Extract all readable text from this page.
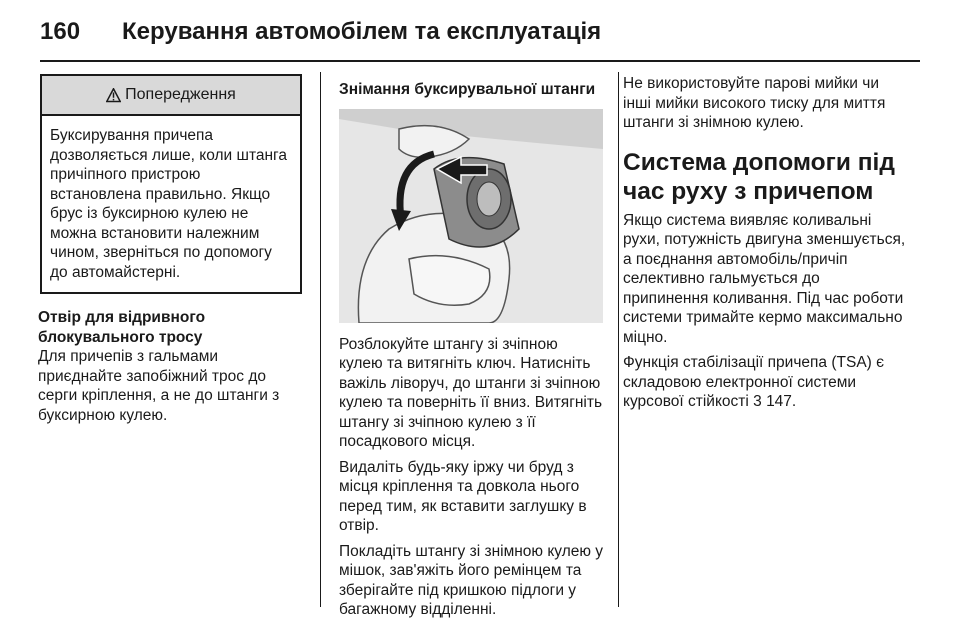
160 Керування автомобілем та експлуатація
Попередження
Буксирування причепа дозволяється лише, коли штанга причіпного пристрою встановлена правильно. Якщо брус із буксирною кулею не можна встановити належним чином, зверніться по допомогу до автомайстерні.

Отвір для відривного блокувального тросу

Для причепів з гальмами приєднайте запобіжний трос до серги кріплення, а не до штанги з буксирною кулею.

Знімання буксирувальної штанги

Розблокуйте штангу зі зчіпною кулею та витягніть ключ. Натисніть важіль ліворуч, до штанги зі зчіпною кулею та поверніть її вниз. Витягніть штангу зі зчіпною кулею з її посадкового місця.

Видаліть будь-яку іржу чи бруд з місця кріплення та довкола нього перед тим, як вставити заглушку в отвір.

Покладіть штангу зі знімною кулею у мішок, зав'яжіть його ремінцем та зберігайте під кришкою підлоги у багажному відділенні.

Не використовуйте парові мийки чи інші мийки високого тиску для миття штанги зі знімною кулею.

Система допомоги під час руху з причепом

Якщо система виявляє коливальні рухи, потужність двигуна зменшується, а поєднання автомобіль/причіп селективно гальмується до припинення коливання. Під час роботи системи тримайте кермо максимально міцно.

Функція стабілізації причепа (TSA) є складовою електронної системи курсової стійкості 3 147.
